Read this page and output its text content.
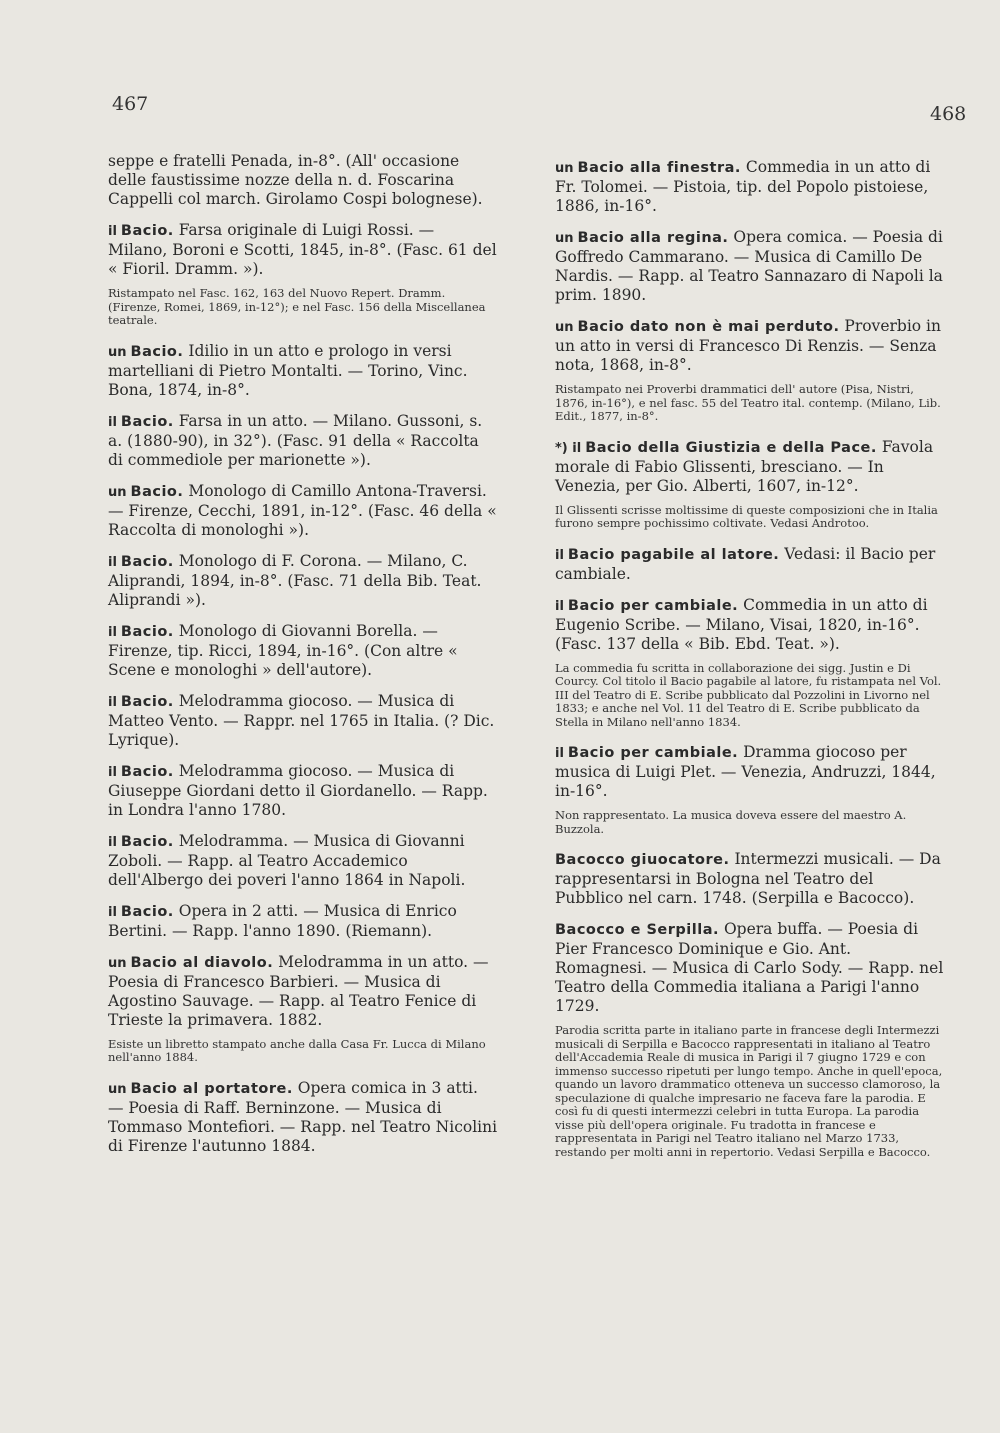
467	468
seppe e fratelli Penada, in-8°. (All' occasione delle faustissime nozze della n. d. Foscarina Cappelli col march. Girolamo Cospi bolognese).
il Bacio. Farsa originale di Luigi Rossi. — Milano, Boroni e Scotti, 1845, in-8°. (Fasc. 61 del « Fioril. Dramm. »).
Ristampato nel Fasc. 162, 163 del Nuovo Repert. Dramm. (Firenze, Romei, 1869, in-12°); e nel Fasc. 156 della Miscellanea teatrale.
un Bacio. Idilio in un atto e prologo in versi martelliani di Pietro Montalti. — Torino, Vinc. Bona, 1874, in-8°.
il Bacio. Farsa in un atto. — Milano. Gussoni, s. a. (1880-90), in 32°). (Fasc. 91 della « Raccolta di commediole per marionette »).
un Bacio. Monologo di Camillo Antona-Traversi. — Firenze, Cecchi, 1891, in-12°. (Fasc. 46 della « Raccolta di monologhi »).
il Bacio. Monologo di F. Corona. — Milano, C. Aliprandi, 1894, in-8°. (Fasc. 71 della Bib. Teat. Aliprandi »).
il Bacio. Monologo di Giovanni Borella. — Firenze, tip. Ricci, 1894, in-16°. (Con altre « Scene e monologhi » dell'autore).
il Bacio. Melodramma giocoso. — Musica di Matteo Vento. — Rappr. nel 1765 in Italia. (? Dic. Lyrique).
il Bacio. Melodramma giocoso. — Musica di Giuseppe Giordani detto il Giordanello. — Rapp. in Londra l'anno 1780.
il Bacio. Melodramma. — Musica di Giovanni Zoboli. — Rapp. al Teatro Accademico dell'Albergo dei poveri l'anno 1864 in Napoli.
il Bacio. Opera in 2 atti. — Musica di Enrico Bertini. — Rapp. l'anno 1890. (Riemann).
un Bacio al diavolo. Melodramma in un atto. — Poesia di Francesco Barbieri. — Musica di Agostino Sauvage. — Rapp. al Teatro Fenice di Trieste la primavera. 1882.
Esiste un libretto stampato anche dalla Casa Fr. Lucca di Milano nell'anno 1884.
un Bacio al portatore. Opera comica in 3 atti. — Poesia di Raff. Berninzone. — Musica di Tommaso Montefiori. — Rapp. nel Teatro Nicolini di Firenze l'autunno 1884.
un Bacio alla finestra. Commedia in un atto di Fr. Tolomei. — Pistoia, tip. del Popolo pistoiese, 1886, in-16°.
un Bacio alla regina. Opera comica. — Poesia di Goffredo Cammarano. — Musica di Camillo De Nardis. — Rapp. al Teatro Sannazaro di Napoli la prim. 1890.
un Bacio dato non è mai perduto. Proverbio in un atto in versi di Francesco Di Renzis. — Senza nota, 1868, in-8°.
Ristampato nei Proverbi drammatici dell' autore (Pisa, Nistri, 1876, in-16°), e nel fasc. 55 del Teatro ital. contemp. (Milano, Lib. Edit., 1877, in-8°.
*) il Bacio della Giustizia e della Pace. Favola morale di Fabio Glissenti, bresciano. — In Venezia, per Gio. Alberti, 1607, in-12°.
Il Glissenti scrisse moltissime di queste composizioni che in Italia furono sempre pochissimo coltivate. Vedasi Androtoo.
il Bacio pagabile al latore. Vedasi: il Bacio per cambiale.
il Bacio per cambiale. Commedia in un atto di Eugenio Scribe. — Milano, Visai, 1820, in-16°. (Fasc. 137 della « Bib. Ebd. Teat. »).
La commedia fu scritta in collaborazione dei sigg. Justin e Di Courcy. Col titolo il Bacio pagabile al latore, fu ristampata nel Vol. III del Teatro di E. Scribe pubblicato dal Pozzolini in Livorno nel 1833; e anche nel Vol. 11 del Teatro di E. Scribe pubblicato da Stella in Milano nell'anno 1834.
il Bacio per cambiale. Dramma giocoso per musica di Luigi Plet. — Venezia, Andruzzi, 1844, in-16°.
Non rappresentato. La musica doveva essere del maestro A. Buzzola.
Bacocco giuocatore. Intermezzi musicali. — Da rappresentarsi in Bologna nel Teatro del Pubblico nel carn. 1748. (Serpilla e Bacocco).
Bacocco e Serpilla. Opera buffa. — Poesia di Pier Francesco Dominique e Gio. Ant. Romagnesi. — Musica di Carlo Sody. — Rapp. nel Teatro della Commedia italiana a Parigi l'anno 1729.
Parodia scritta parte in italiano parte in francese degli Intermezzi musicali di Serpilla e Bacocco rappresentati in italiano al Teatro dell'Accademia Reale di musica in Parigi il 7 giugno 1729 e con immenso successo ripetuti per lungo tempo. Anche in quell'epoca, quando un lavoro drammatico otteneva un successo clamoroso, la speculazione di qualche impresario ne faceva fare la parodia. E così fu di questi intermezzi celebri in tutta Europa. La parodia visse più dell'opera originale. Fu tradotta in francese e rappresentata in Parigi nel Teatro italiano nel Marzo 1733, restando per molti anni in repertorio. Vedasi Serpilla e Bacocco.
